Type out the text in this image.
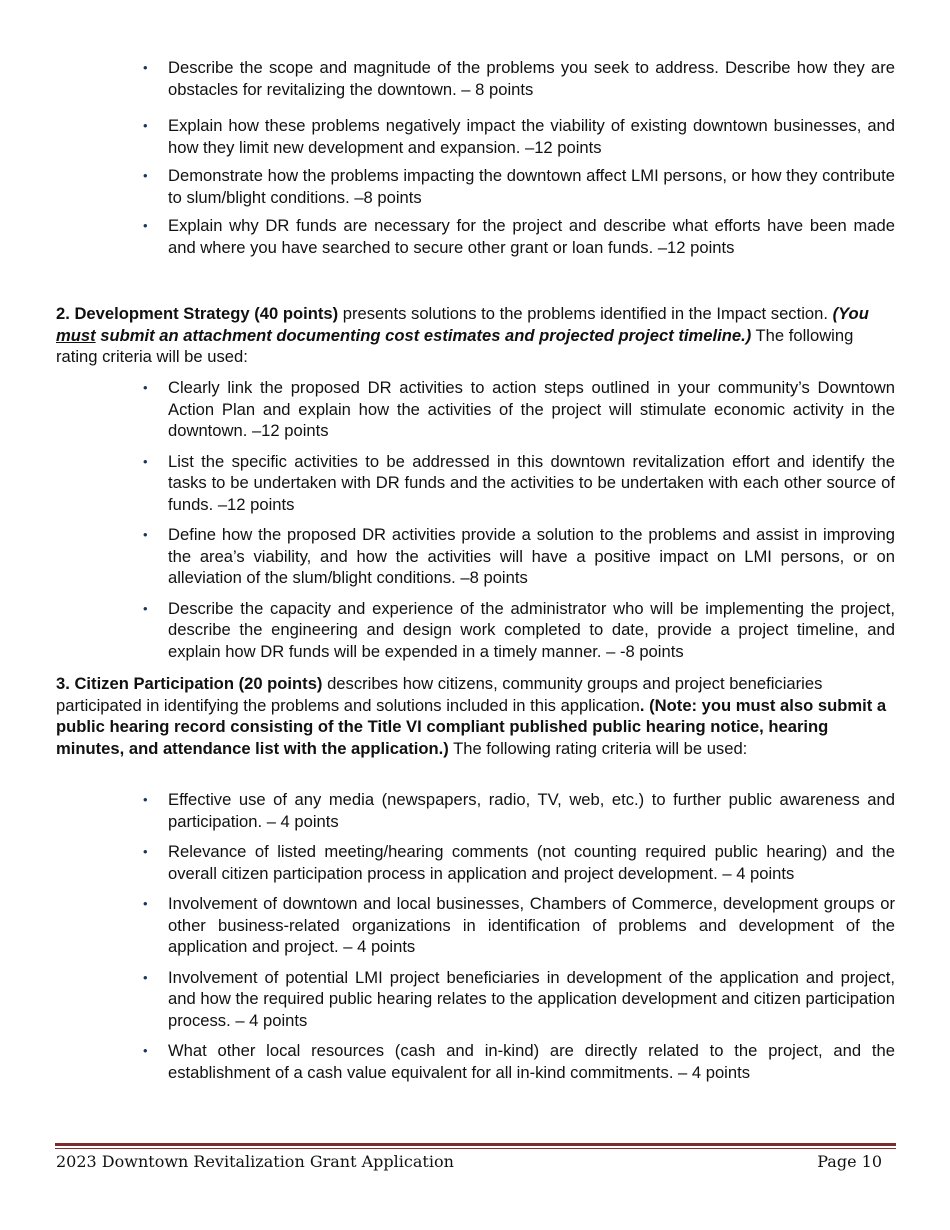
• Describe the scope and magnitude of the problems you seek to address. Describe how they are obstacles for revitalizing the downtown. – 8 points
• Explain how these problems negatively impact the viability of existing downtown businesses, and how they limit new development and expansion. –12 points
• Demonstrate how the problems impacting the downtown affect LMI persons, or how they contribute to slum/blight conditions. –8 points
• Explain why DR funds are necessary for the project and describe what efforts have been made and where you have searched to secure other grant or loan funds. –12 points

2. Development Strategy (40 points) presents solutions to the problems identified in the Impact section. (You must submit an attachment documenting cost estimates and projected project timeline.) The following rating criteria will be used:

• Clearly link the proposed DR activities to action steps outlined in your community’s Downtown Action Plan and explain how the activities of the project will stimulate economic activity in the downtown. –12 points
• List the specific activities to be addressed in this downtown revitalization effort and identify the tasks to be undertaken with DR funds and the activities to be undertaken with each other source of funds. –12 points
• Define how the proposed DR activities provide a solution to the problems and assist in improving the area’s viability, and how the activities will have a positive impact on LMI persons, or on alleviation of the slum/blight conditions. –8 points
• Describe the capacity and experience of the administrator who will be implementing the project, describe the engineering and design work completed to date, provide a project timeline, and explain how DR funds will be expended in a timely manner. – -8 points

3. Citizen Participation (20 points) describes how citizens, community groups and project beneficiaries participated in identifying the problems and solutions included in this application. (Note: you must also submit a public hearing record consisting of the Title VI compliant published public hearing notice, hearing minutes, and attendance list with the application.) The following rating criteria will be used:

• Effective use of any media (newspapers, radio, TV, web, etc.) to further public awareness and participation. – 4 points
• Relevance of listed meeting/hearing comments (not counting required public hearing) and the overall citizen participation process in application and project development. – 4 points
• Involvement of downtown and local businesses, Chambers of Commerce, development groups or other business-related organizations in identification of problems and development of the application and project. – 4 points
• Involvement of potential LMI project beneficiaries in development of the application and project, and how the required public hearing relates to the application development and citizen participation process. – 4 points
• What other local resources (cash and in-kind) are directly related to the project, and the establishment of a cash value equivalent for all in-kind commitments. – 4 points
2023 Downtown Revitalization Grant Application	Page 10
